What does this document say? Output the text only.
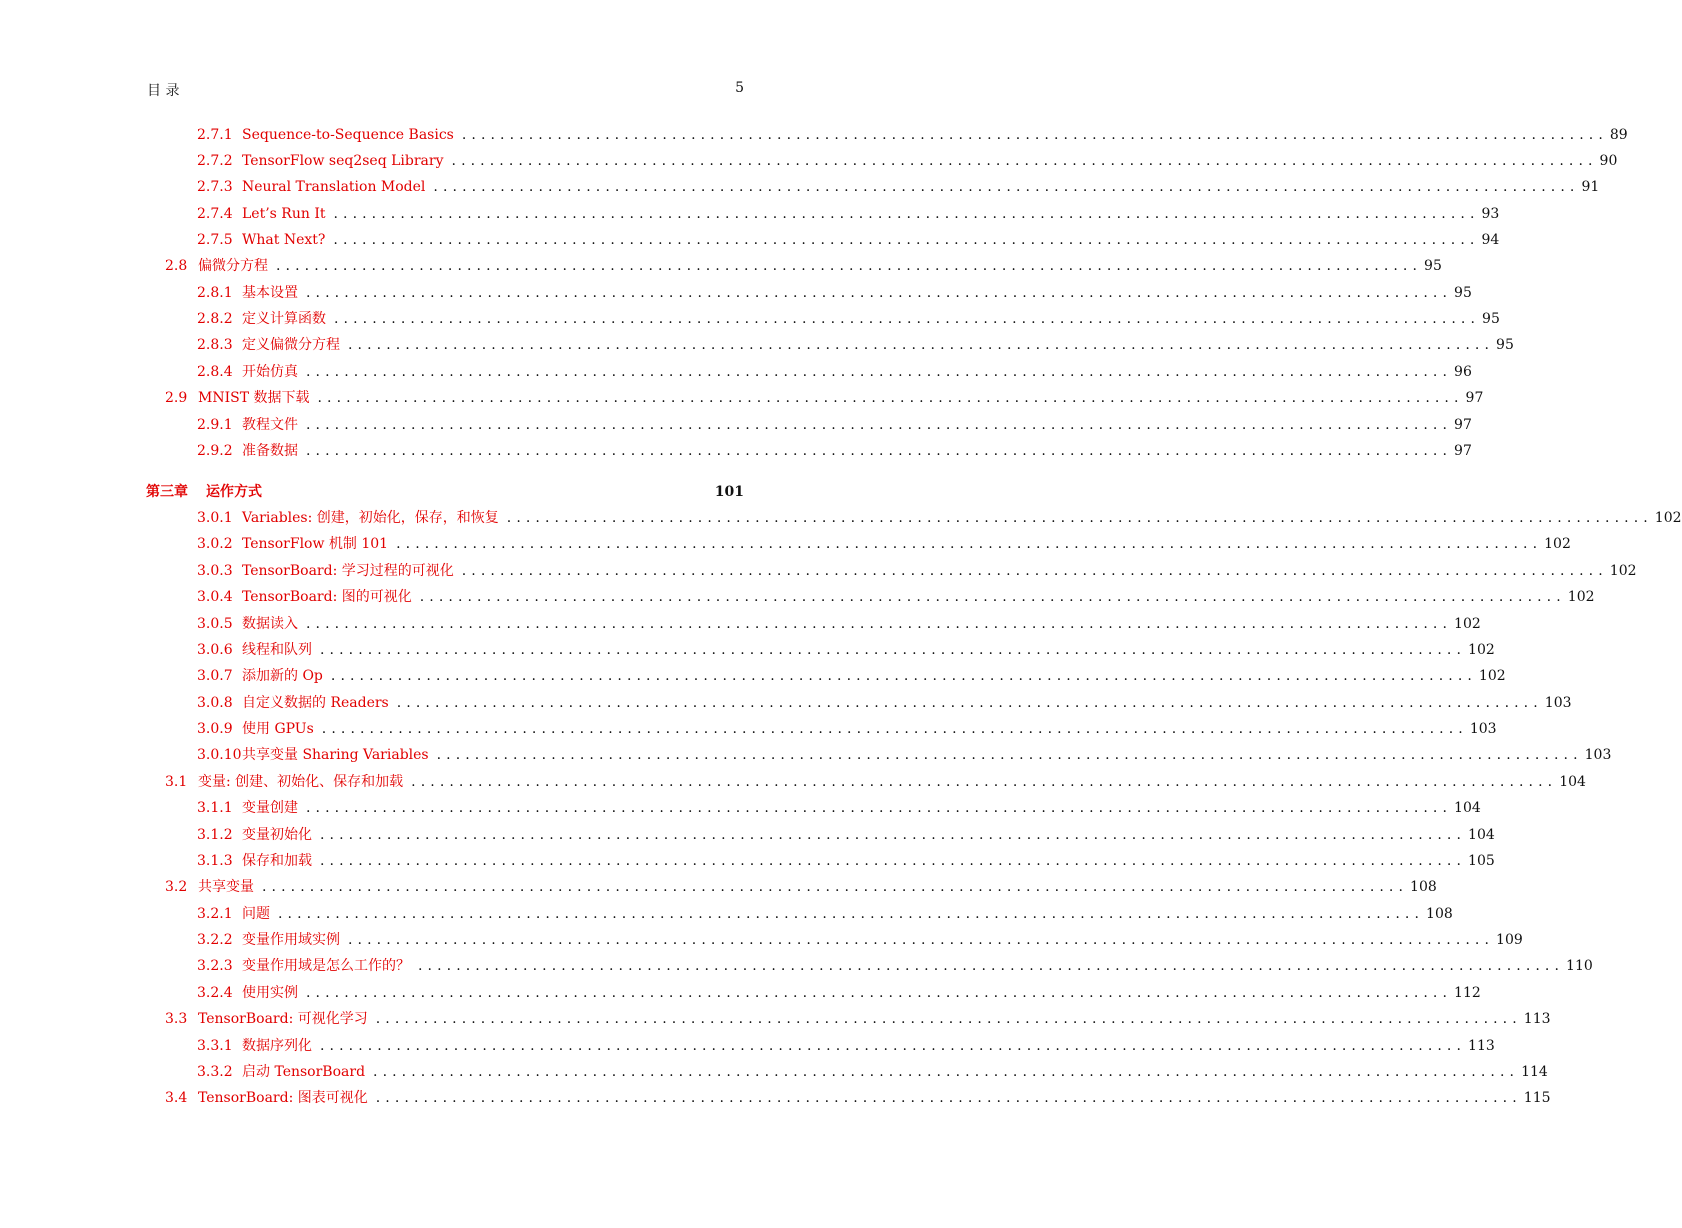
目 录	5
2.7.1 Sequence-to-Sequence Basics ........................................................................................................................ 89
2.7.2 TensorFlow seq2seq Library ........................................................................................................................ 90
2.7.3 Neural Translation Model ........................................................................................................................ 91
2.7.4 Let’s Run It ........................................................................................................................ 93
2.7.5 What Next? ........................................................................................................................ 94
2.8 偏微分方程 ........................................................................................................................ 95
2.8.1 基本设置 ........................................................................................................................ 95
2.8.2 定义计算函数 ........................................................................................................................ 95
2.8.3 定义偏微分方程 ........................................................................................................................ 95
2.8.4 开始仿真 ........................................................................................................................ 96
2.9 MNIST 数据下载 ........................................................................................................................ 97
2.9.1 教程文件 ........................................................................................................................ 97
2.9.2 准备数据 ........................................................................................................................ 97
第三章	运作方式	101
3.0.1 Variables: 创建，初始化，保存，和恢复 ........................................................................................................................ 102
3.0.2 TensorFlow 机制 101 ........................................................................................................................ 102
3.0.3 TensorBoard: 学习过程的可视化 ........................................................................................................................ 102
3.0.4 TensorBoard: 图的可视化 ........................................................................................................................ 102
3.0.5 数据读入 ........................................................................................................................ 102
3.0.6 线程和队列 ........................................................................................................................ 102
3.0.7 添加新的 Op ........................................................................................................................ 102
3.0.8 自定义数据的 Readers ........................................................................................................................ 103
3.0.9 使用 GPUs ........................................................................................................................ 103
3.0.10 共享变量 Sharing Variables ........................................................................................................................ 103
3.1 变量: 创建、初始化、保存和加载 ........................................................................................................................ 104
3.1.1 变量创建 ........................................................................................................................ 104
3.1.2 变量初始化 ........................................................................................................................ 104
3.1.3 保存和加载 ........................................................................................................................ 105
3.2 共享变量 ........................................................................................................................ 108
3.2.1 问题 ........................................................................................................................ 108
3.2.2 变量作用域实例 ........................................................................................................................ 109
3.2.3 变量作用域是怎么工作的？ ........................................................................................................................ 110
3.2.4 使用实例 ........................................................................................................................ 112
3.3 TensorBoard: 可视化学习 ........................................................................................................................ 113
3.3.1 数据序列化 ........................................................................................................................ 113
3.3.2 启动 TensorBoard ........................................................................................................................ 114
3.4 TensorBoard: 图表可视化 ........................................................................................................................ 115
